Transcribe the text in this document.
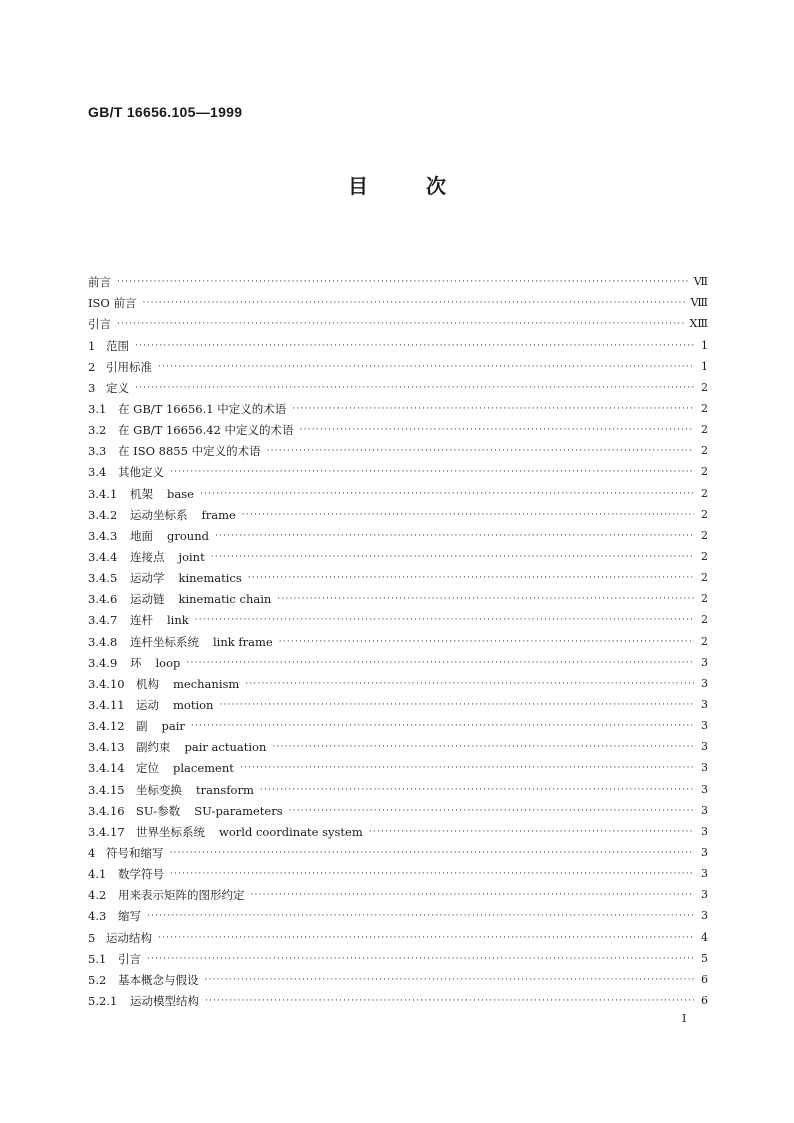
GB/T 16656.105—1999
目	次
前言 ·····	Ⅶ
ISO 前言 ·····	Ⅷ
引言 ·····	ⅩⅢ
1 范围 ·····	1
2 引用标准 ·····	1
3 定义 ·····	2
3.1	在 GB/T 16656.1 中定义的术语 ·····	2
3.2	在 GB/T 16656.42 中定义的术语 ·····	2
3.3	在 ISO 8855 中定义的术语 ·····	2
3.4	其他定义 ·····	2
3.4.1	机架 base ·····	2
3.4.2	运动坐标系 frame ·····	2
3.4.3	地面 ground ·····	2
3.4.4	连接点 joint ·····	2
3.4.5	运动学 kinematics ·····	2
3.4.6	运动链 kinematic chain ·····	2
3.4.7	连杆 link ·····	2
3.4.8	连杆坐标系统 link frame ·····	2
3.4.9	环 loop ·····	3
3.4.10 机构 mechanism ·····	3
3.4.11 运动 motion ·····	3
3.4.12 副 pair ·····	3
3.4.13 副约束 pair actuation ·····	3
3.4.14 定位 placement ·····	3
3.4.15 坐标变换 transform ·····	3
3.4.16 SU-参数 SU-parameters ·····	3
3.4.17 世界坐标系统 world coordinate system ·····	3
4 符号和缩写 ·····	3
4.1	数学符号 ·····	3
4.2	用来表示矩阵的图形约定 ·····	3
4.3	缩写 ·····	3
5 运动结构 ·····	4
5.1	引言 ·····	5
5.2	基本概念与假设 ·····	6
5.2.1	运动模型结构 ·····	6
I
